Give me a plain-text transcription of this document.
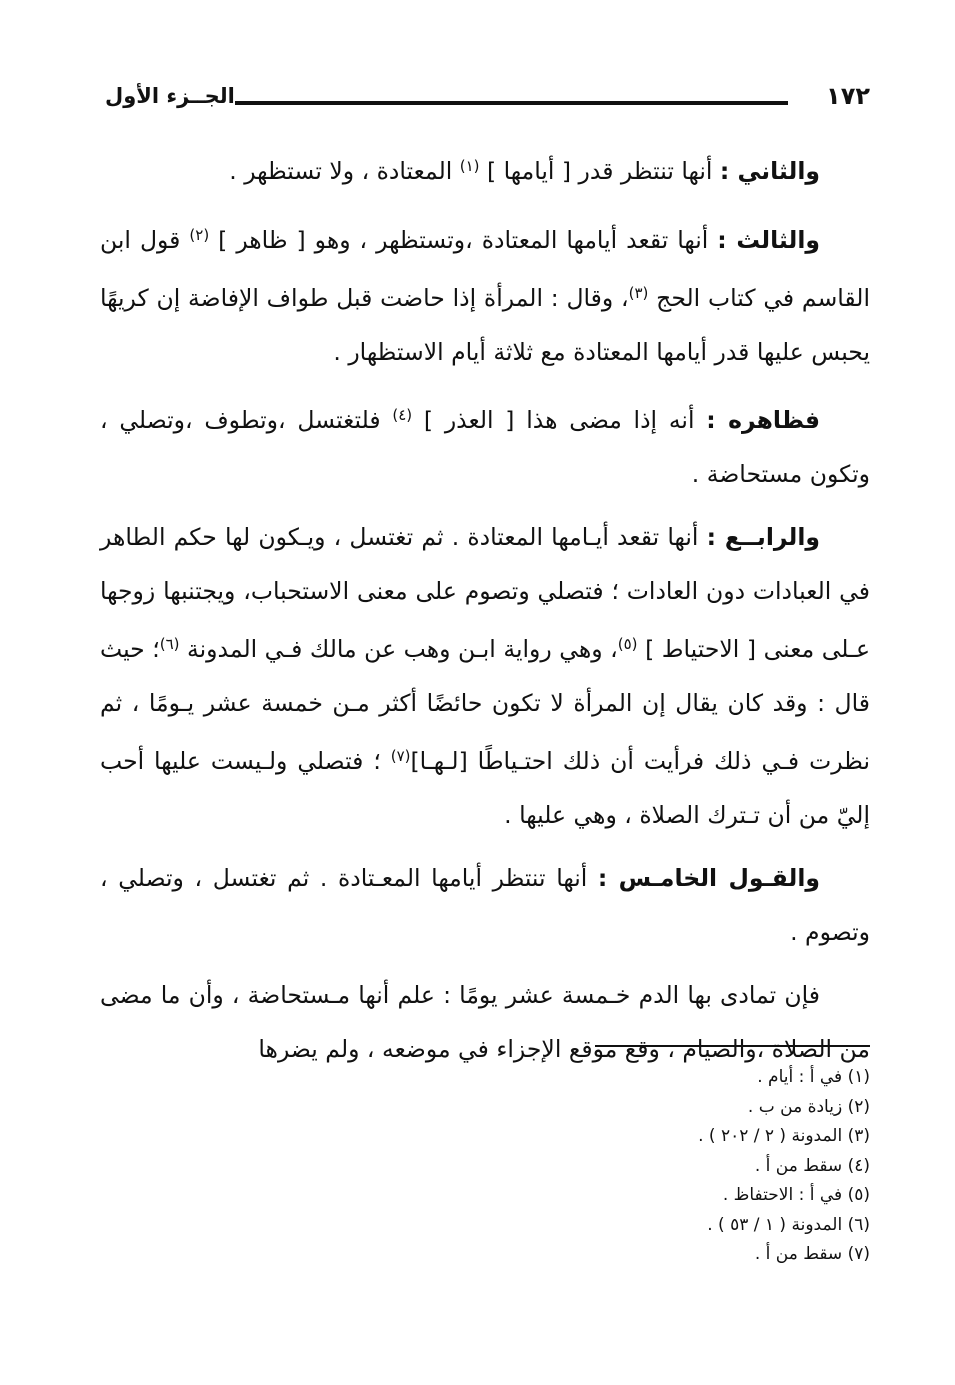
١٧٢
الجــزء الأول

والثاني : أنها تنتظر قدر [ أيامها ] $^{(١)}$ المعتادة ، ولا تستظهر .

والثالث : أنها تقعد أيامها المعتادة ،وتستظهر ، وهو [ ظاهر ] $^{(٢)}$ قول ابن القاسم في كتاب الحج $^{(٣)}$، وقال : المرأة إذا حاضت قبل طواف الإفاضة إن كريهًا يحبس عليها قدر أيامها المعتادة مع ثلاثة أيام الاستظهار .

فظاهره : أنه إذا مضى هذا [ العذر ] $^{(٤)}$ فلتغتسل ،وتطوف ،وتصلي ، وتكون مستحاضة .

والرابــع : أنها تقعد أيـامها المعتادة . ثم تغتسل ، ويـكون لها حكم الطاهر في العبادات دون العادات ؛ فتصلي وتصوم على معنى الاستحباب، ويجتنبها زوجها عـلى معنى [ الاحتياط ] $^{(٥)}$، وهي رواية ابـن وهب عن مالك فـي المدونة $^{(٦)}$؛ حيث قال : وقد كان يقال إن المرأة لا تكون حائضًا أكثر مـن خمسة عشر يـومًا ، ثم نظرت فـي ذلك فرأيت أن ذلك احتـياطًا [لـهـا]$^{(٧)}$ ؛ فتصلي ولـيست عليها أحب إليّ من أن تـترك الصلاة ، وهي عليها .

والقـول الخامـس : أنها تنتظر أيامها المعـتادة . ثم تغتسل ، وتصلي ، وتصوم .

فإن تمادى بها الدم خـمسة عشر يومًا : علم أنها مـستحاضة ، وأن ما مضى من الصلاة ،والصيام ، وقع موقع الإجزاء في موضعه ، ولم يضرها

(١) في أ : أيام .
(٢) زيادة من ب .
(٣) المدونة ( ٢ / ٢٠٢ ) .
(٤) سقط من أ .
(٥) في أ : الاحتفاظ .
(٦) المدونة ( ١ / ٥٣ ) .
(٧) سقط من أ .
